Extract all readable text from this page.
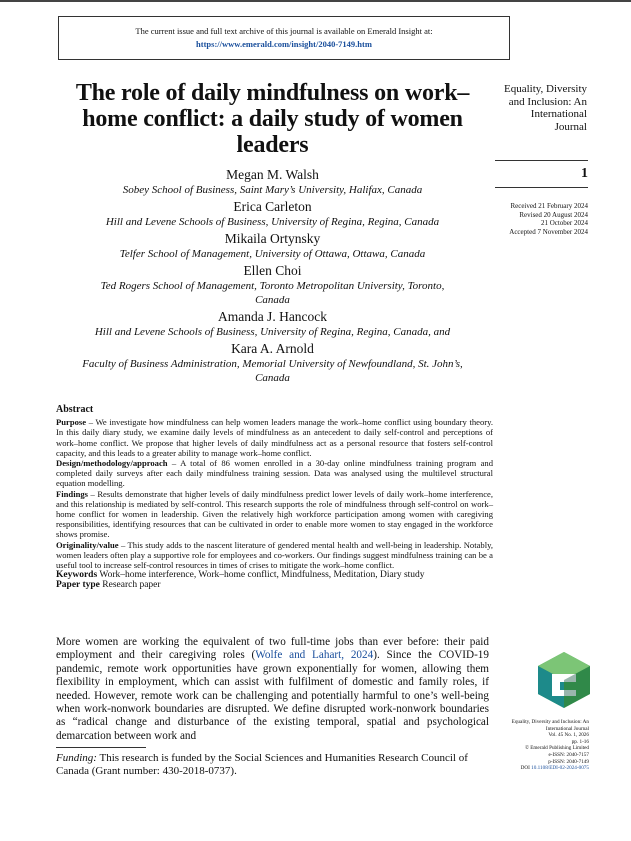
The current issue and full text archive of this journal is available on Emerald Insight at:
https://www.emerald.com/insight/2040-7149.htm
The role of daily mindfulness on work–home conflict: a daily study of women leaders
Megan M. Walsh
Sobey School of Business, Saint Mary’s University, Halifax, Canada
Erica Carleton
Hill and Levene Schools of Business, University of Regina, Regina, Canada
Mikaila Ortynsky
Telfer School of Management, University of Ottawa, Ottawa, Canada
Ellen Choi
Ted Rogers School of Management, Toronto Metropolitan University, Toronto, Canada
Amanda J. Hancock
Hill and Levene Schools of Business, University of Regina, Regina, Canada, and
Kara A. Arnold
Faculty of Business Administration, Memorial University of Newfoundland, St. John’s, Canada
Equality, Diversity and Inclusion: An International Journal
1
Received 21 February 2024
Revised 20 August 2024
21 October 2024
Accepted 7 November 2024
Abstract

Purpose – We investigate how mindfulness can help women leaders manage the work–home conflict using boundary theory. In this daily diary study, we examine daily levels of mindfulness as an antecedent to daily self-control and perceptions of work–home conflict. We propose that higher levels of daily mindfulness act as a personal resource that fosters self-control capacity, and this leads to a greater ability to manage work–home conflict.

Design/methodology/approach – A total of 86 women enrolled in a 30-day online mindfulness training program and completed daily surveys after each daily mindfulness training session. Data was analysed using the multilevel structural equation modelling.

Findings – Results demonstrate that higher levels of daily mindfulness predict lower levels of daily work–home interference, and this relationship is mediated by self-control. This research supports the role of mindfulness through self-control on work–home conflict for women in leadership. Given the relatively high workforce participation among women with caregiving responsibilities, identifying resources that can be cultivated in order to enable more women to stay engaged in the workforce shows promise.

Originality/value – This study adds to the nascent literature of gendered mental health and well-being in leadership. Notably, women leaders often play a supportive role for employees and co-workers. Our findings suggest mindfulness training can be a useful tool to increase self-control resources in times of crises to mitigate the work–home conflict.

Keywords Work–home interference, Work–home conflict, Mindfulness, Meditation, Diary study

Paper type Research paper

More women are working the equivalent of two full-time jobs than ever before: their paid employment and their caregiving roles (Wolfe and Lahart, 2024). Since the COVID-19 pandemic, remote work opportunities have grown exponentially for women, allowing them flexibility in employment, which can assist with fulfilment of domestic and family roles, if needed. However, remote work can be challenging and potentially harmful to one’s well-being when work-nonwork boundaries are disrupted. We define disrupted work-nonwork boundaries as “radical change and disturbance of the existing temporal, spatial and psychological demarcation between work and
Funding: This research is funded by the Social Sciences and Humanities Research Council of Canada (Grant number: 430-2018-0737).
Equality, Diversity and Inclusion: An International Journal
Vol. 45 No. 1, 2026
pp. 1-16
© Emerald Publishing Limited
e-ISSN: 2040-7157
p-ISSN: 2040-7149
DOI 10.1108/EDI-02-2024-0075
